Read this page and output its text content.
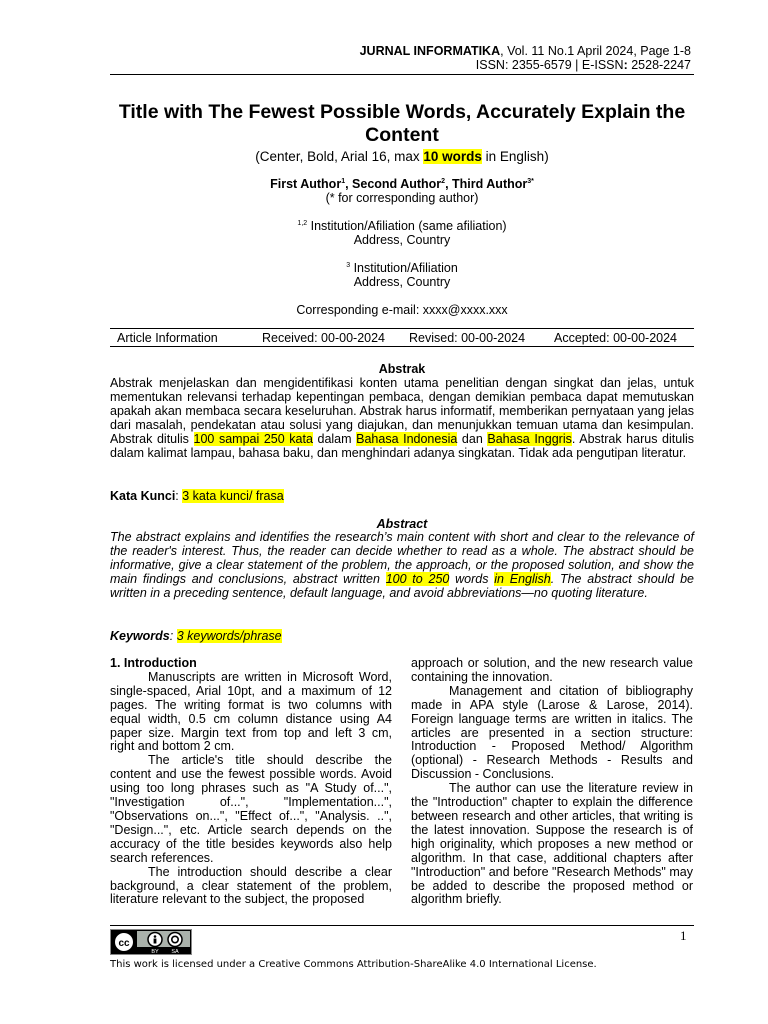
JURNAL INFORMATIKA, Vol. 11 No.1 April 2024, Page 1-8
ISSN: 2355-6579 | E-ISSN: 2528-2247
Title with The Fewest Possible Words, Accurately Explain the Content
(Center, Bold, Arial 16, max 10 words in English)
First Author$^1$, Second Author$^2$, Third Author$^{3*}$
(* for corresponding author)
$^{1,2}$ Institution/Afiliation (same afiliation)
Address, Country
$^3$ Institution/Afiliation
Address, Country
Corresponding e-mail: xxxx@xxxx.xxx
Article Information	Received: 00-00-2024 Revised: 00-00-2024 Accepted: 00-00-2024
Abstrak

Abstrak menjelaskan dan mengidentifikasi konten utama penelitian dengan singkat dan jelas, untuk mementukan relevansi terhadap kepentingan pembaca, dengan demikian pembaca dapat memutuskan apakah akan membaca secara keseluruhan. Abstrak harus informatif, memberikan pernyataan yang jelas dari masalah, pendekatan atau solusi yang diajukan, dan menunjukkan temuan utama dan kesimpulan. Abstrak ditulis 100 sampai 250 kata dalam Bahasa Indonesia dan Bahasa Inggris. Abstrak harus ditulis dalam kalimat lampau, bahasa baku, dan menghindari adanya singkatan. Tidak ada pengutipan literatur.

Kata Kunci: 3 kata kunci/ frasa
Abstract

The abstract explains and identifies the research’s main content with short and clear to the relevance of the reader's interest. Thus, the reader can decide whether to read as a whole. The abstract should be informative, give a clear statement of the problem, the approach, or the proposed solution, and show the main findings and conclusions, abstract written 100 to 250 words in English. The abstract should be written in a preceding sentence, default language, and avoid abbreviations—no quoting literature.

Keywords: 3 keywords/phrase

1. Introduction

Manuscripts are written in Microsoft Word, single-spaced, Arial 10pt, and a maximum of 12 pages. The writing format is two columns with equal width, 0.5 cm column distance using A4 paper size. Margin text from top and left 3 cm, right and bottom 2 cm.

The article's title should describe the content and use the fewest possible words. Avoid using too long phrases such as "A Study of...", "Investigation of...", "Implementation...", "Observations on...", "Effect of...", "Analysis. ..", "Design...", etc. Article search depends on the accuracy of the title besides keywords also help search references.

The introduction should describe a clear background, a clear statement of the problem, literature relevant to the subject, the proposed

approach or solution, and the new research value containing the innovation.

Management and citation of bibliography made in APA style (Larose & Larose, 2014). Foreign language terms are written in italics. The articles are presented in a section structure: Introduction - Proposed Method/ Algorithm (optional) - Research Methods - Results and Discussion - Conclusions.

The author can use the literature review in the "Introduction" chapter to explain the difference between research and other articles, that writing is the latest innovation. Suppose the research is of high originality, which proposes a new method or algorithm. In that case, additional chapters after "Introduction" and before "Research Methods" may be added to describe the proposed method or algorithm briefly.

cc
BY SA
1
This work is licensed under a Creative Commons Attribution-ShareAlike 4.0 International License.
